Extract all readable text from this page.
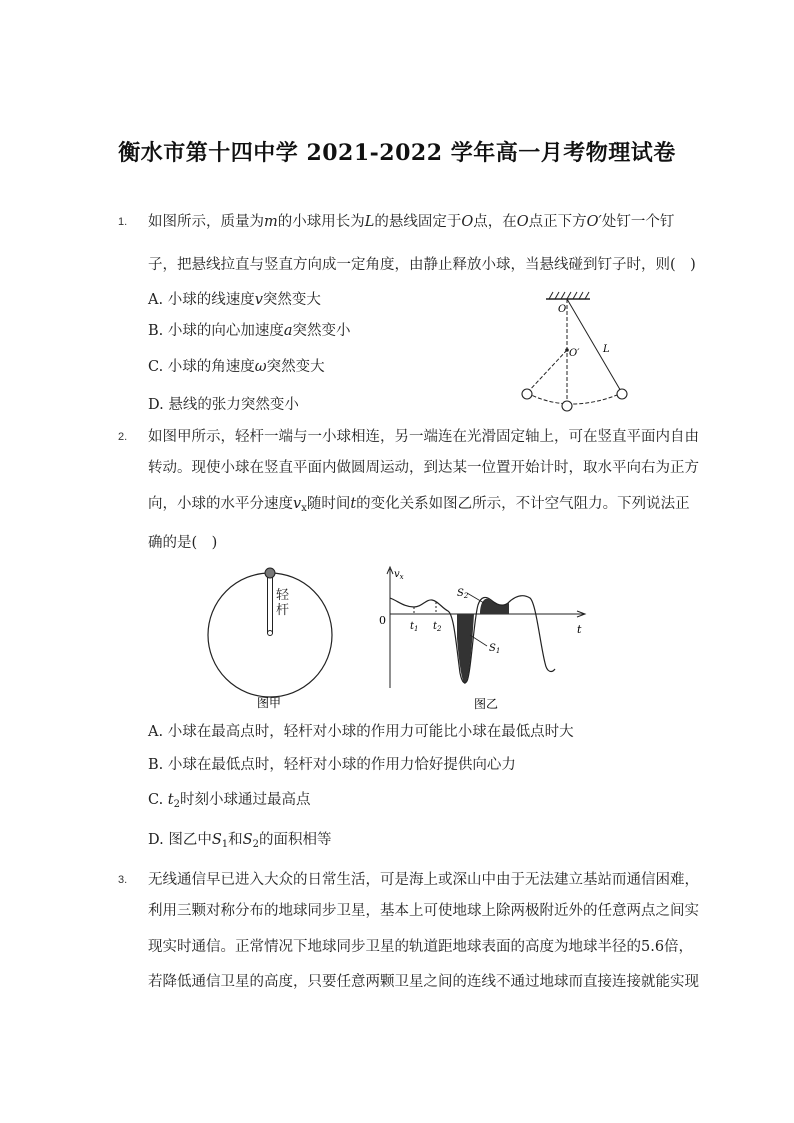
衡水市第十四中学 2021-2022 学年高一月考物理试卷
1. 如图所示，质量为m的小球用长为L的悬线固定于O点，在O点正下方O′处钉一个钉
子，把悬线拉直与竖直方向成一定角度，由静止释放小球，当悬线碰到钉子时，则(　)
A. 小球的线速度v突然变大
B. 小球的向心加速度a突然变小
C. 小球的角速度ω突然变大
D. 悬线的张力突然变小
O
O′ L
2. 如图甲所示，轻杆一端与一小球相连，另一端连在光滑固定轴上，可在竖直平面内自由
转动。现使小球在竖直平面内做圆周运动，到达某一位置开始计时，取水平向右为正方
向，小球的水平分速度$v_x$随时间t的变化关系如图乙所示，不计空气阻力。下列说法正
确的是(　)
图甲
轻杆
$v_x$
0
t
$t_1$ $t_2$
$S_2$
$S_1$
图乙
A. 小球在最高点时，轻杆对小球的作用力可能比小球在最低点时大
B. 小球在最低点时，轻杆对小球的作用力恰好提供向心力
C. $t_2$时刻小球通过最高点
D. 图乙中$S_1$和$S_2$的面积相等
3. 无线通信早已进入大众的日常生活，可是海上或深山中由于无法建立基站而通信困难，
利用三颗对称分布的地球同步卫星，基本上可使地球上除两极附近外的任意两点之间实
现实时通信。正常情况下地球同步卫星的轨道距地球表面的高度为地球半径的5.6倍，
若降低通信卫星的高度，只要任意两颗卫星之间的连线不通过地球而直接连接就能实现
